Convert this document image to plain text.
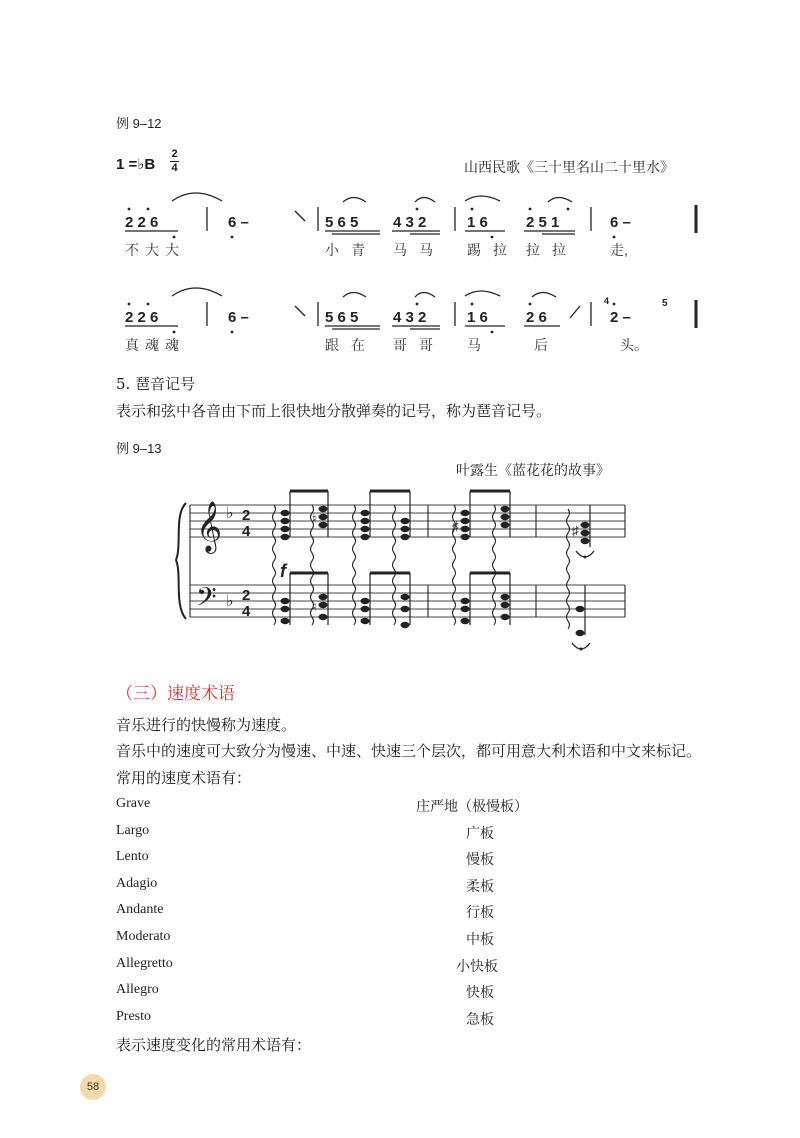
例 9–12
1 =♭B
2
4	山西民歌《三十里名山二十里水》
2 2 6	6 –	5 6 5 4 3 2	1 6	2 5 1	6 –
不大大	小青 马马 踢拉 拉拉 走,
2 2 6	6 –	5 6 5 4 3 2	1 6	2 6	2 –
4	5
真魂魂	跟在 哥哥 马	后	头。
5. 琶音记号
表示和弦中各音由下而上很快地分散弹奏的记号，称为琶音记号。
例 9–13
叶露生《蓝花花的故事》
𝄞
𝄢
♭
♭
2
4
2
4
f
♮
♯	♯
♮
（三）速度术语
音乐进行的快慢称为速度。
音乐中的速度可大致分为慢速、中速、快速三个层次，都可用意大利术语和中文来标记。
常用的速度术语有：
Grave	庄严地（极慢板）
Largo	广板
Lento	慢板
Adagio	柔板
Andante	行板
Moderato	中板
Allegretto	小快板
Allegro	快板
Presto	急板
表示速度变化的常用术语有：
58
